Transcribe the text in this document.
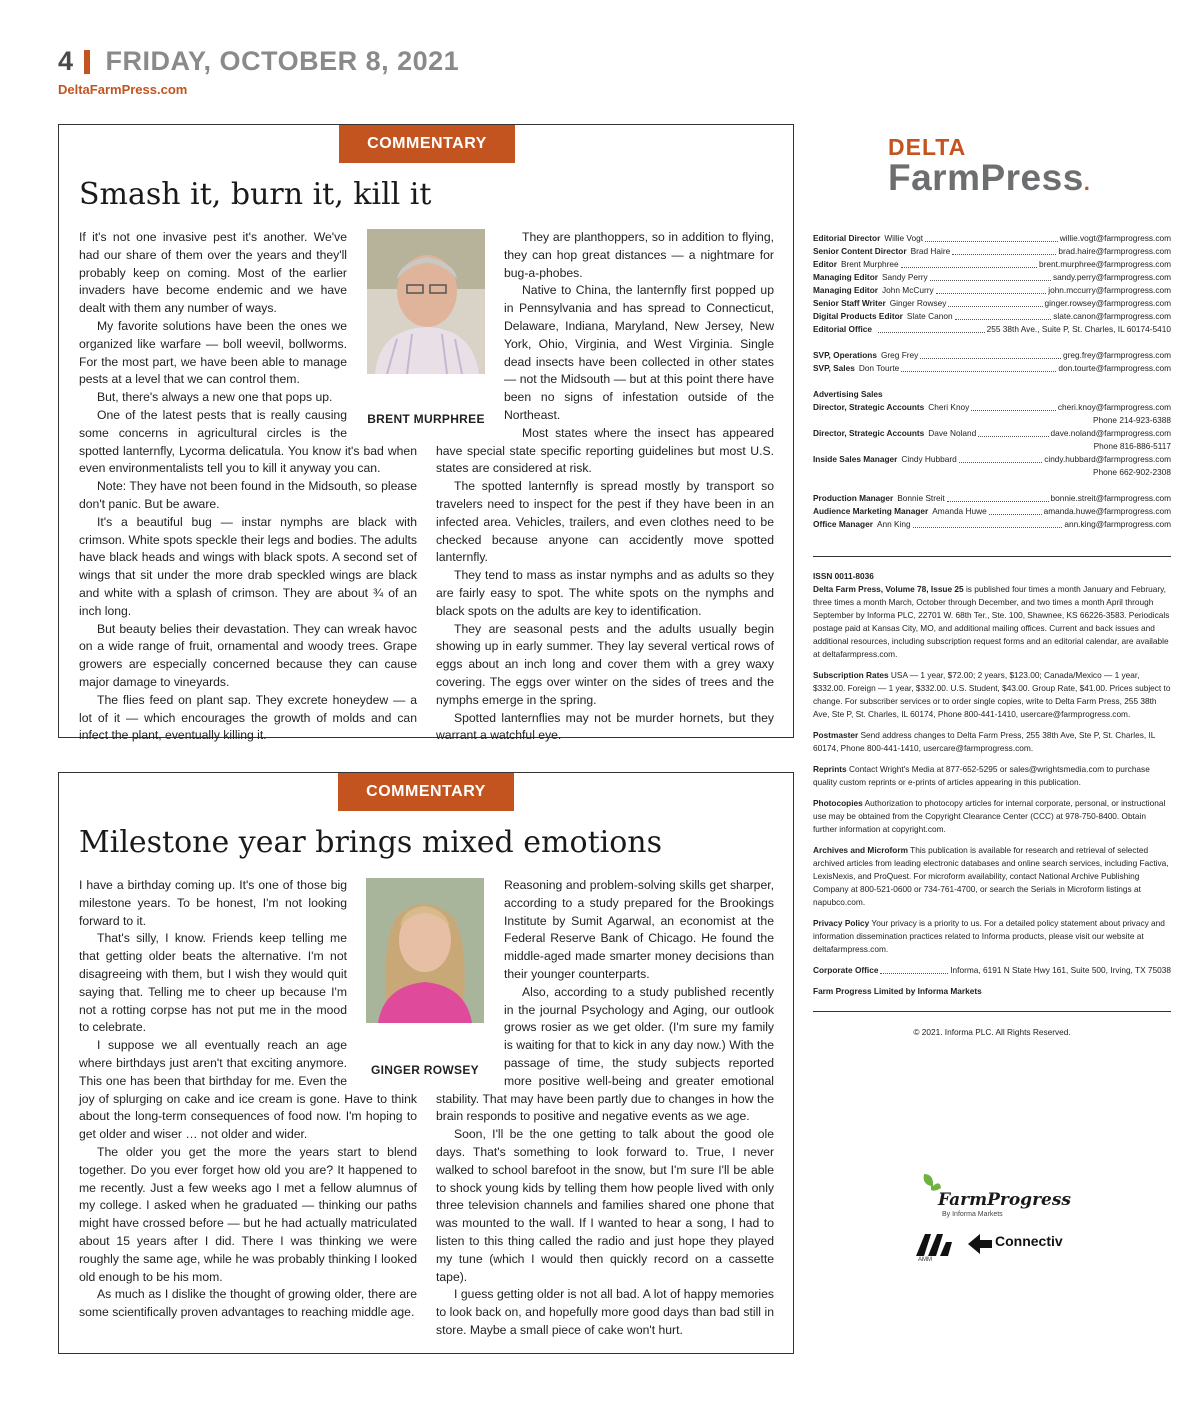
4 FRIDAY, OCTOBER 8, 2021
DeltaFarmPress.com
COMMENTARY
Smash it, burn it, kill it
BRENT MURPHREE

If it's not one invasive pest it's another. We've had our share of them over the years and they'll probably keep on coming. Most of the earlier invaders have become endemic and we have dealt with them any number of ways.

My favorite solutions have been the ones we organized like warfare — boll weevil, bollworms. For the most part, we have been able to manage pests at a level that we can control them.

But, there's always a new one that pops up.

One of the latest pests that is really causing some concerns in agricultural circles is the spotted lanternfly, Lycorma delicatula. You know it's bad when even environmentalists tell you to kill it anyway you can.

Note: They have not been found in the Midsouth, so please don't panic. But be aware.

It's a beautiful bug — instar nymphs are black with crimson. White spots speckle their legs and bodies. The adults have black heads and wings with black spots. A second set of wings that sit under the more drab speckled wings are black and white with a splash of crimson. They are about ¾ of an inch long.

But beauty belies their devastation. They can wreak havoc on a wide range of fruit, ornamental and woody trees. Grape growers are especially concerned because they can cause major damage to vineyards.

The flies feed on plant sap. They excrete honeydew — a lot of it — which encourages the growth of molds and can infect the plant, eventually killing it.

They are planthoppers, so in addition to flying, they can hop great distances — a nightmare for bug-a-phobes.

Native to China, the lanternfly first popped up in Pennsylvania and has spread to Connecticut, Delaware, Indiana, Maryland, New Jersey, New York, Ohio, Virginia, and West Virginia. Single dead insects have been collected in other states — not the Midsouth — but at this point there have been no signs of infestation outside of the Northeast.

Most states where the insect has appeared have special state specific reporting guidelines but most U.S. states are considered at risk.

The spotted lanternfly is spread mostly by transport so travelers need to inspect for the pest if they have been in an infected area. Vehicles, trailers, and even clothes need to be checked because anyone can accidently move spotted lanternfly.

They tend to mass as instar nymphs and as adults so they are fairly easy to spot. The white spots on the nymphs and black spots on the adults are key to identification.

They are seasonal pests and the adults usually begin showing up in early summer. They lay several vertical rows of eggs about an inch long and cover them with a grey waxy covering. The eggs over winter on the sides of trees and the nymphs emerge in the spring.

Spotted lanternflies may not be murder hornets, but they warrant a watchful eye.

COMMENTARY
Milestone year brings mixed emotions
GINGER ROWSEY

I have a birthday coming up. It's one of those big milestone years. To be honest, I'm not looking forward to it.

That's silly, I know. Friends keep telling me that getting older beats the alternative. I'm not disagreeing with them, but I wish they would quit saying that. Telling me to cheer up because I'm not a rotting corpse has not put me in the mood to celebrate.

I suppose we all eventually reach an age where birthdays just aren't that exciting anymore. This one has been that birthday for me. Even the joy of splurging on cake and ice cream is gone. Have to think about the long-term consequences of food now. I'm hoping to get older and wiser … not older and wider.

The older you get the more the years start to blend together. Do you ever forget how old you are? It happened to me recently. Just a few weeks ago I met a fellow alumnus of my college. I asked when he graduated — thinking our paths might have crossed before — but he had actually matriculated about 15 years after I did. There I was thinking we were roughly the same age, while he was probably thinking I looked old enough to be his mom.

As much as I dislike the thought of growing older, there are some scientifically proven advantages to reaching middle age.

Reasoning and problem-solving skills get sharper, according to a study prepared for the Brookings Institute by Sumit Agarwal, an economist at the Federal Reserve Bank of Chicago. He found the middle-aged made smarter money decisions than their younger counterparts.

Also, according to a study published recently in the journal Psychology and Aging, our outlook grows rosier as we get older. (I'm sure my family is waiting for that to kick in any day now.) With the passage of time, the study subjects reported more positive well-being and greater emotional stability. That may have been partly due to changes in how the brain responds to positive and negative events as we age.

Soon, I'll be the one getting to talk about the good ole days. That's something to look forward to. True, I never walked to school barefoot in the snow, but I'm sure I'll be able to shock young kids by telling them how people lived with only three television channels and families shared one phone that was mounted to the wall. If I wanted to hear a song, I had to listen to this thing called the radio and just hope they played my tune (which I would then quickly record on a cassette tape).

I guess getting older is not all bad. A lot of happy memories to look back on, and hopefully more good days than bad still in store. Maybe a small piece of cake won't hurt.

DELTA
FarmPress.
Editorial Director Willie Vogt	willie.vogt@farmprogress.com
Senior Content Director Brad Haire	brad.haire@farmprogress.com
Editor Brent Murphree	brent.murphree@farmprogress.com
Managing Editor Sandy Perry	sandy.perry@farmprogress.com
Managing Editor John McCurry	john.mccurry@farmprogress.com
Senior Staff Writer Ginger Rowsey	ginger.rowsey@farmprogress.com
Digital Products Editor Slate Canon	slate.canon@farmprogress.com
Editorial Office	255 38th Ave., Suite P, St. Charles, IL 60174-5410
SVP, Operations Greg Frey	greg.frey@farmprogress.com
SVP, Sales Don Tourte	don.tourte@farmprogress.com
Advertising Sales
Director, Strategic Accounts Cheri Knoy	cheri.knoy@farmprogress.com
Phone 214-923-6388
Director, Strategic Accounts Dave Noland	dave.noland@farmprogress.com
Phone 816-886-5117
Inside Sales Manager Cindy Hubbard	cindy.hubbard@farmprogress.com
Phone 662-902-2308
Production Manager Bonnie Streit	bonnie.streit@farmprogress.com
Audience Marketing Manager Amanda Huwe	amanda.huwe@farmprogress.com
Office Manager Ann King	ann.king@farmprogress.com
ISSN 0011-8036
Delta Farm Press, Volume 78, Issue 25 is published four times a month January and February, three times a month March, October through December, and two times a month April through September by Informa PLC, 22701 W. 68th Ter., Ste. 100, Shawnee, KS 66226-3583. Periodicals postage paid at Kansas City, MO, and additional mailing offices. Current and back issues and additional resources, including subscription request forms and an editorial calendar, are available at deltafarmpress.com.
Subscription Rates USA — 1 year, $72.00; 2 years, $123.00; Canada/Mexico — 1 year, $332.00. Foreign — 1 year, $332.00. U.S. Student, $43.00. Group Rate, $41.00. Prices subject to change. For subscriber services or to order single copies, write to Delta Farm Press, 255 38th Ave, Ste P, St. Charles, IL 60174, Phone 800-441-1410, usercare@farmprogress.com.
Postmaster Send address changes to Delta Farm Press, 255 38th Ave, Ste P, St. Charles, IL 60174, Phone 800-441-1410, usercare@farmprogress.com.
Reprints Contact Wright's Media at 877-652-5295 or sales@wrightsmedia.com to purchase quality custom reprints or e-prints of articles appearing in this publication.
Photocopies Authorization to photocopy articles for internal corporate, personal, or instructional use may be obtained from the Copyright Clearance Center (CCC) at 978-750-8400. Obtain further information at copyright.com.
Archives and Microform This publication is available for research and retrieval of selected archived articles from leading electronic databases and online search services, including Factiva, LexisNexis, and ProQuest. For microform availability, contact National Archive Publishing Company at 800-521-0600 or 734-761-4700, or search the Serials in Microform listings at napubco.com.
Privacy Policy Your privacy is a priority to us. For a detailed policy statement about privacy and information dissemination practices related to Informa products, please visit our website at deltafarmpress.com.
Corporate Office	Informa, 6191 N State Hwy 161, Suite 500, Irving, TX 75038
Farm Progress Limited by Informa Markets
© 2021. Informa PLC. All Rights Reserved.
FarmProgress
By Informa Markets
AMM
Connectiv
